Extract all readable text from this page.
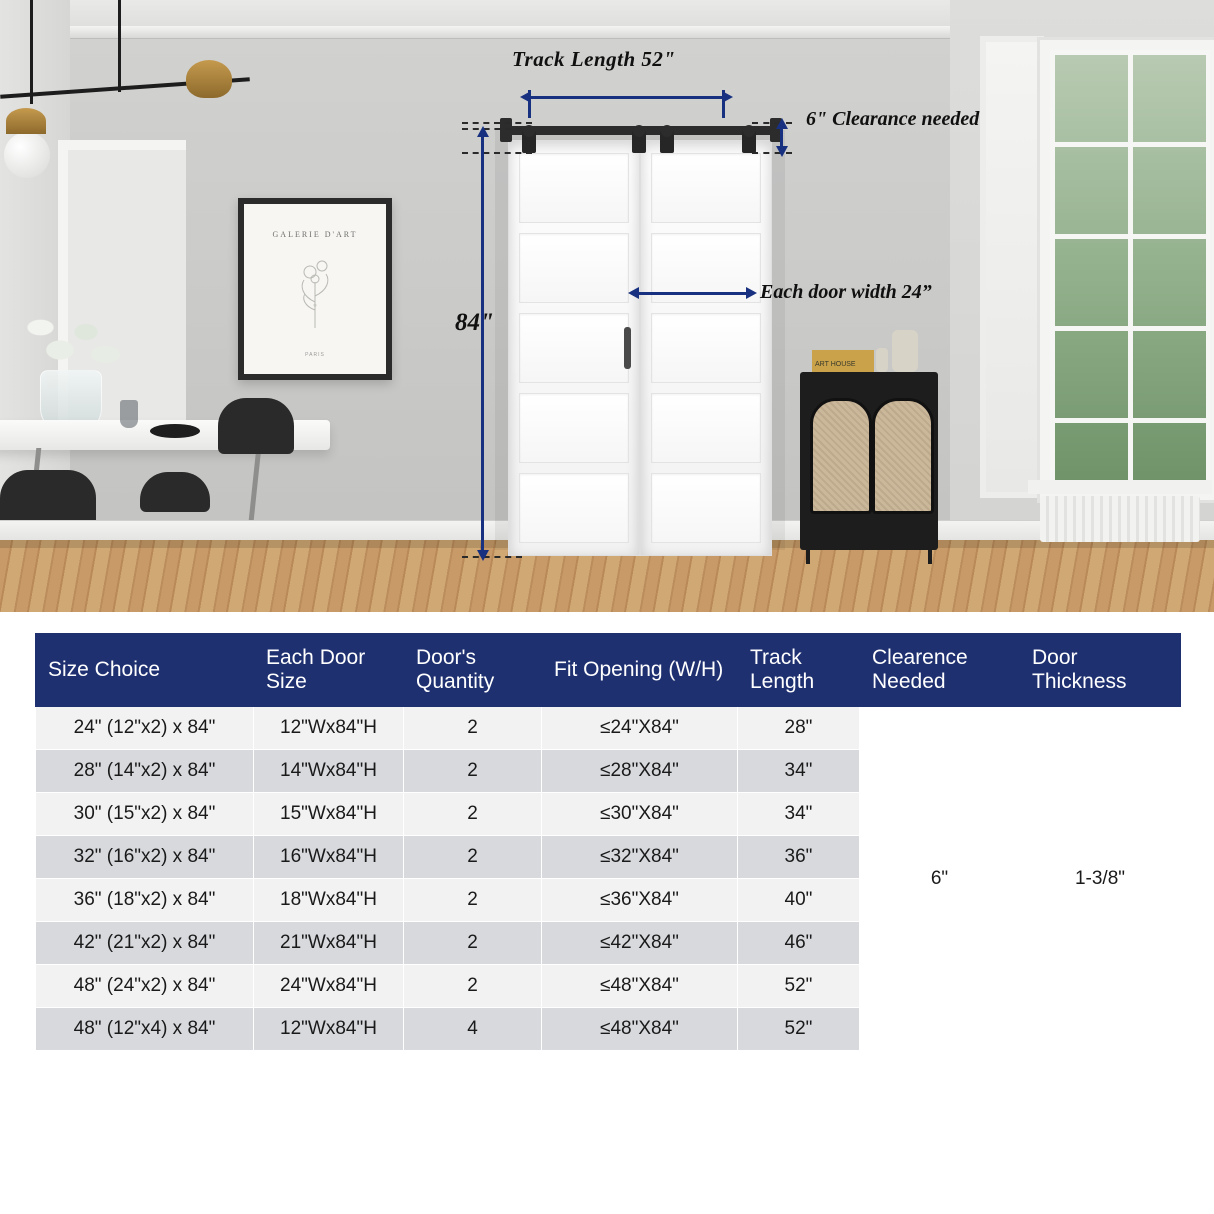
GALERIE D'ART
PARIS
ART HOUSE
Track Length 52"
6" Clearance needed
Each door width 24”
84"
Size Choice	Each Door Size	Door's Quantity	Fit Opening (W/H)	Track Length	Clearence Needed	Door Thickness
24" (12"x2) x 84"	12"Wx84"H	2	≤24"X84"	28"	6"	1-3/8"
28" (14"x2) x 84"	14"Wx84"H	2	≤28"X84"	34"		
30" (15"x2) x 84"	15"Wx84"H	2	≤30"X84"	34"		
32" (16"x2) x 84"	16"Wx84"H	2	≤32"X84"	36"		
36" (18"x2) x 84"	18"Wx84"H	2	≤36"X84"	40"		
42" (21"x2) x 84"	21"Wx84"H	2	≤42"X84"	46"		
48" (24"x2) x 84"	24"Wx84"H	2	≤48"X84"	52"		
48" (12"x4) x 84"	12"Wx84"H	4	≤48"X84"	52"		
